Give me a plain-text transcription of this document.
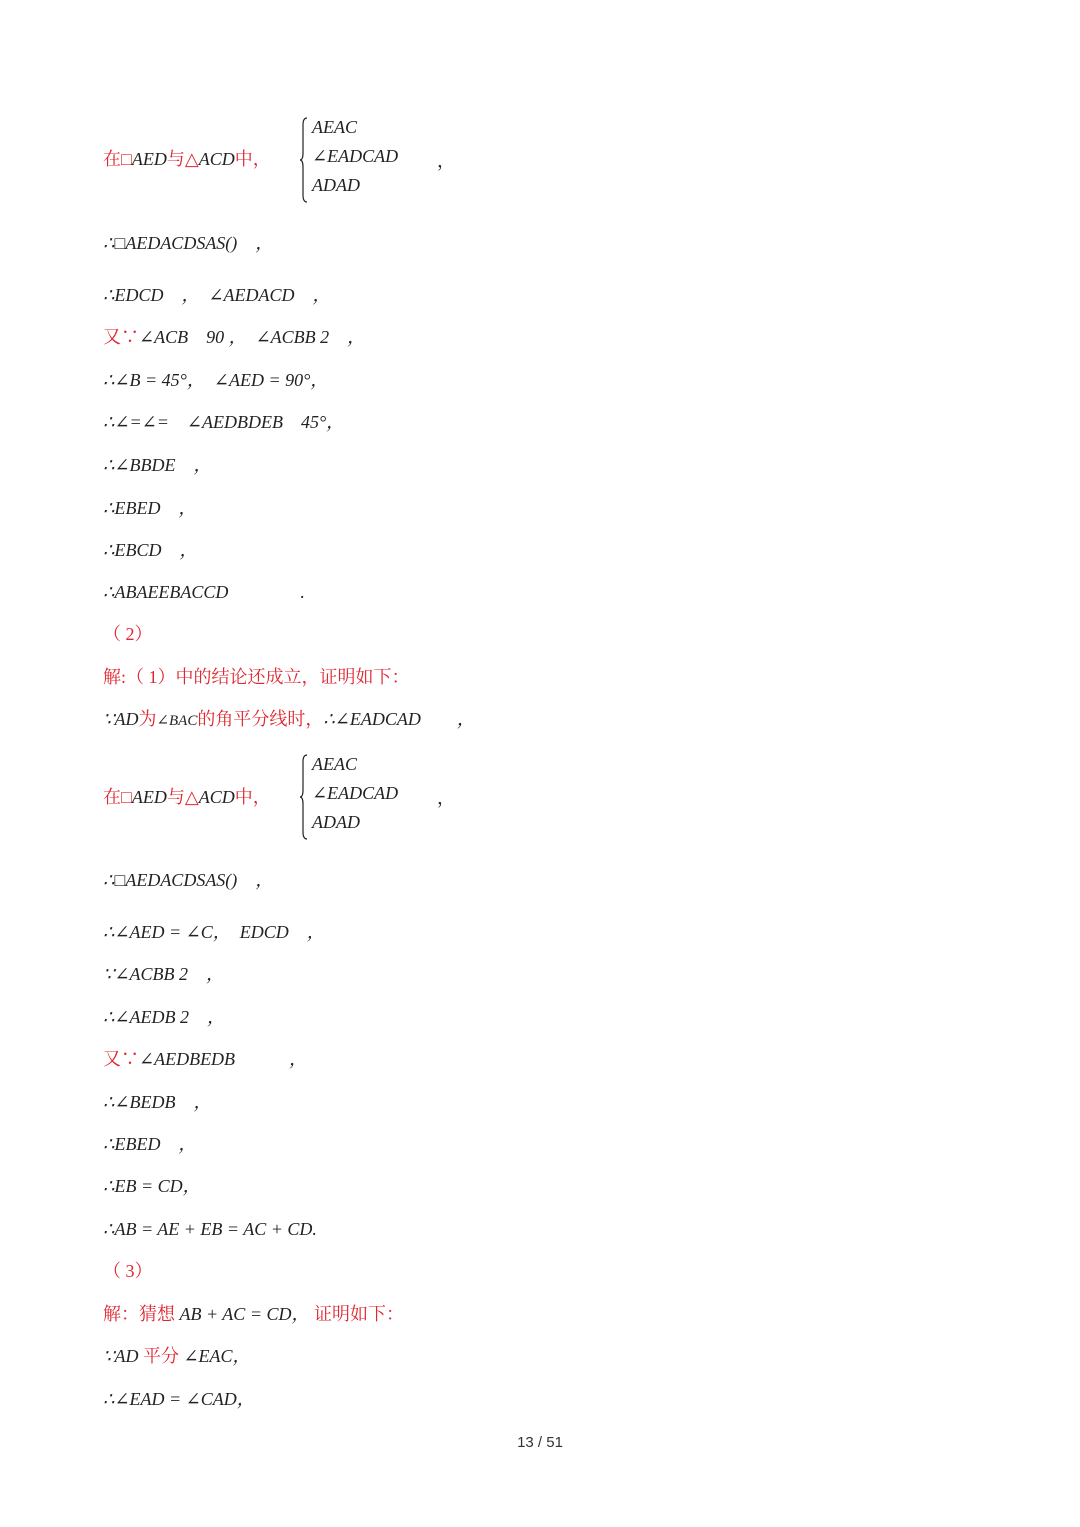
在□AED与△ACD中，
AEAC
∠EADCAD
ADAD
，
∴□AEDACDSAS()　，
∴EDCD　，　∠AEDACD　，
又∵∠ACB　90 ，　∠ACBB 2　，
∴∠B = 45°，　∠AED = 90°，
∴∠=∠=　∠AEDBDEB　45°，
∴∠BBDE　，
∴EBED　，
∴EBCD　，
∴ABAEEBACCD　　　　.
（ 2）
解:（ 1）中的结论还成立，证明如下：
∵AD为∠BAC的角平分线时，∴∠EADCAD　　，
在□AED与△ACD中，
AEAC
∠EADCAD
ADAD
，
∴□AEDACDSAS()　，
∴∠AED = ∠C，　EDCD　，
∵∠ACBB 2　，
∴∠AEDB 2　，
又∵∠AEDBEDB　　　，
∴∠BEDB　，
∴EBED　，
∴EB = CD，
∴AB = AE + EB = AC + CD.
（ 3）
解：猜想 AB + AC = CD， 证明如下：
∵AD 平分 ∠EAC，
∴∠EAD = ∠CAD，
13 / 51
